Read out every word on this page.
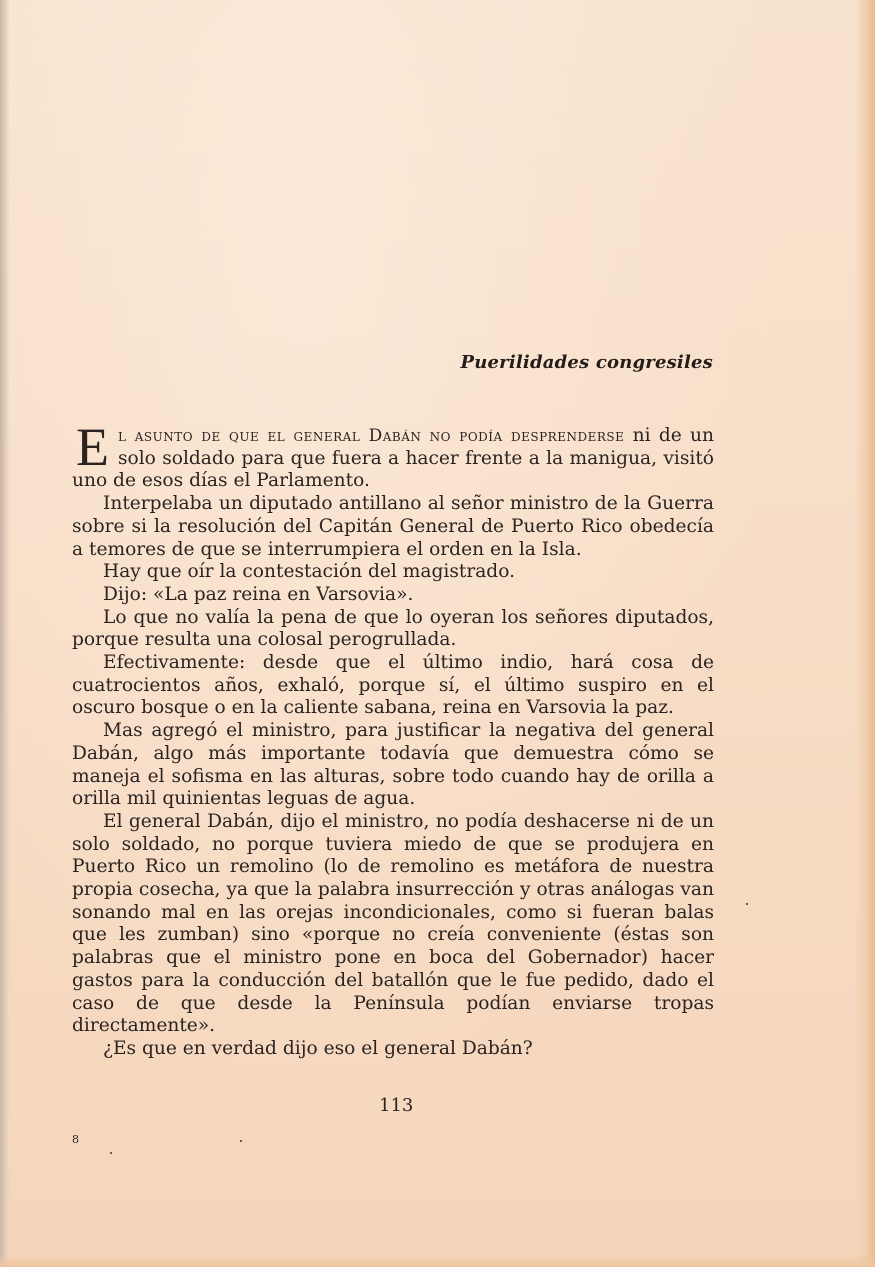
Puerilidades congresiles

El asunto de que el general Dabán no podía desprenderse ni de un solo soldado para que fuera a hacer frente a la manigua, visitó uno de esos días el Parlamento.

Interpelaba un diputado antillano al señor ministro de la Guerra sobre si la resolución del Capitán General de Puerto Rico obedecía a temores de que se interrumpiera el orden en la Isla.

Hay que oír la contestación del magistrado.

Dijo: «La paz reina en Varsovia».

Lo que no valía la pena de que lo oyeran los señores diputados, porque resulta una colosal perogrullada.

Efectivamente: desde que el último indio, hará cosa de cuatrocientos años, exhaló, porque sí, el último suspiro en el oscuro bosque o en la caliente sabana, reina en Varsovia la paz.

Mas agregó el ministro, para justificar la negativa del general Dabán, algo más importante todavía que demuestra cómo se maneja el sofisma en las alturas, sobre todo cuando hay de orilla a orilla mil quinientas leguas de agua.

El general Dabán, dijo el ministro, no podía deshacerse ni de un solo soldado, no porque tuviera miedo de que se produjera en Puerto Rico un remolino (lo de remolino es metáfora de nuestra propia cosecha, ya que la palabra insurrección y otras análogas van sonando mal en las orejas incondicionales, como si fueran balas que les zumban) sino «porque no creía conveniente (éstas son palabras que el ministro pone en boca del Gobernador) hacer gastos para la conducción del batallón que le fue pedido, dado el caso de que desde la Península podían enviarse tropas directamente».

¿Es que en verdad dijo eso el general Dabán?

113
8
